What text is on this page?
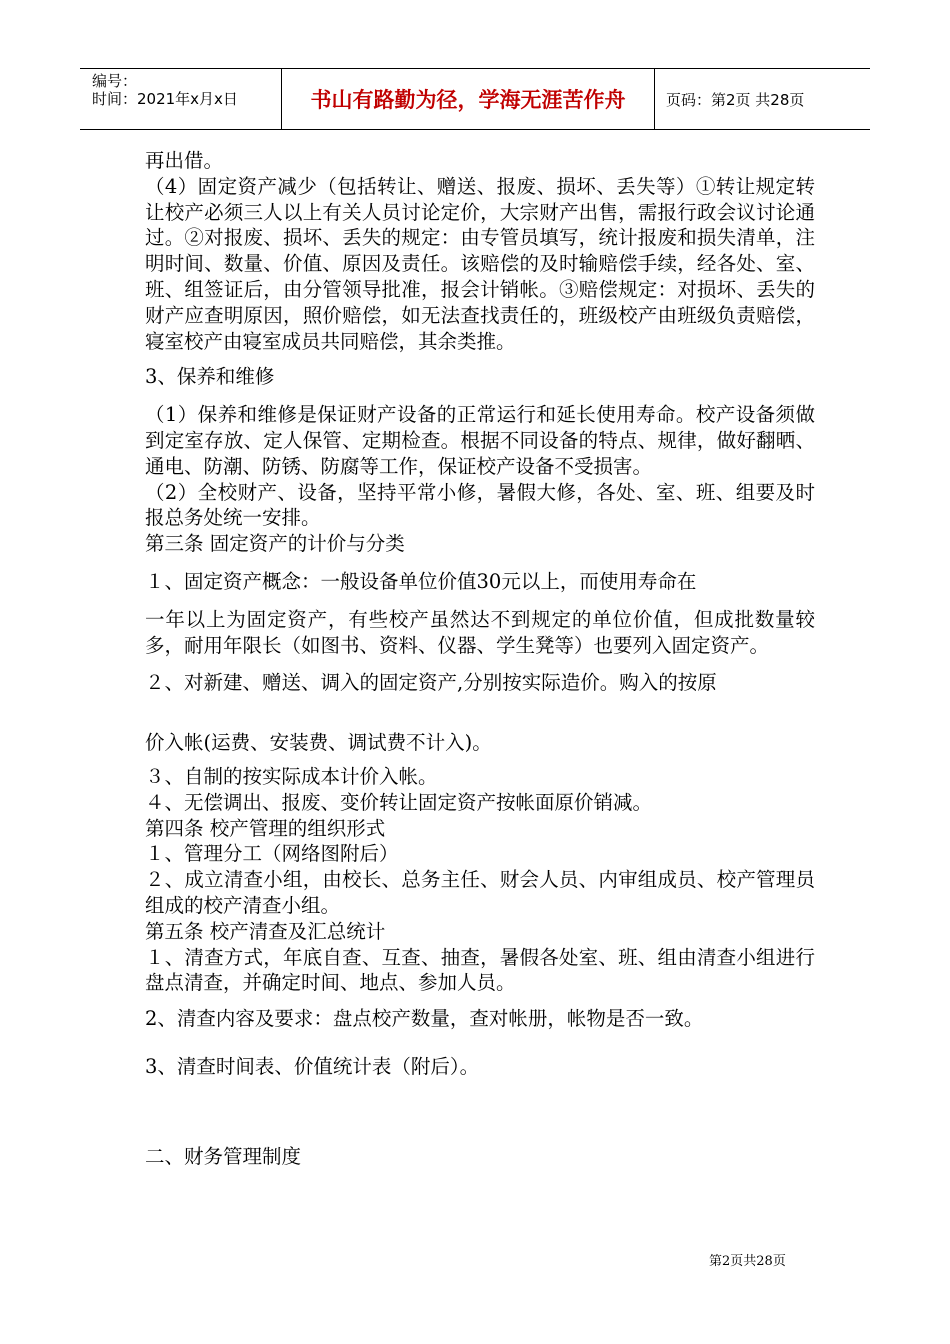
编号：
时间：2021年x月x日	书山有路勤为径，学海无涯苦作舟	页码：第2页 共28页

再出借。

（4）固定资产减少（包括转让、赠送、报废、损坏、丢失等）①转让规定转让校产必须三人以上有关人员讨论定价，大宗财产出售，需报行政会议讨论通过。②对报废、损坏、丢失的规定：由专管员填写，统计报废和损失清单，注明时间、数量、价值、原因及责任。该赔偿的及时输赔偿手续，经各处、室、班、组签证后，由分管领导批准，报会计销帐。③赔偿规定：对损坏、丢失的财产应查明原因，照价赔偿，如无法查找责任的，班级校产由班级负责赔偿，寝室校产由寝室成员共同赔偿，其余类推。

3、保养和维修

（1）保养和维修是保证财产设备的正常运行和延长使用寿命。校产设备须做到定室存放、定人保管、定期检查。根据不同设备的特点、规律，做好翻晒、通电、防潮、防锈、防腐等工作，保证校产设备不受损害。

（2）全校财产、设备，坚持平常小修，暑假大修，各处、室、班、组要及时报总务处统一安排。

第三条 固定资产的计价与分类

１、固定资产概念：一般设备单位价值30元以上，而使用寿命在

一年以上为固定资产，有些校产虽然达不到规定的单位价值，但成批数量较多，耐用年限长（如图书、资料、仪器、学生凳等）也要列入固定资产。

２、对新建、赠送、调入的固定资产,分别按实际造价。购入的按原

价入帐(运费、安装费、调试费不计入)。

３、自制的按实际成本计价入帐。

４、无偿调出、报废、变价转让固定资产按帐面原价销减。

第四条 校产管理的组织形式

１、管理分工（网络图附后）

２、成立清查小组，由校长、总务主任、财会人员、内审组成员、校产管理员组成的校产清查小组。

第五条 校产清查及汇总统计

１、清查方式，年底自查、互查、抽查，暑假各处室、班、组由清查小组进行盘点清查，并确定时间、地点、参加人员。

2、清查内容及要求：盘点校产数量，查对帐册，帐物是否一致。

3、清查时间表、价值统计表（附后）。

二、财务管理制度

第2页共28页
